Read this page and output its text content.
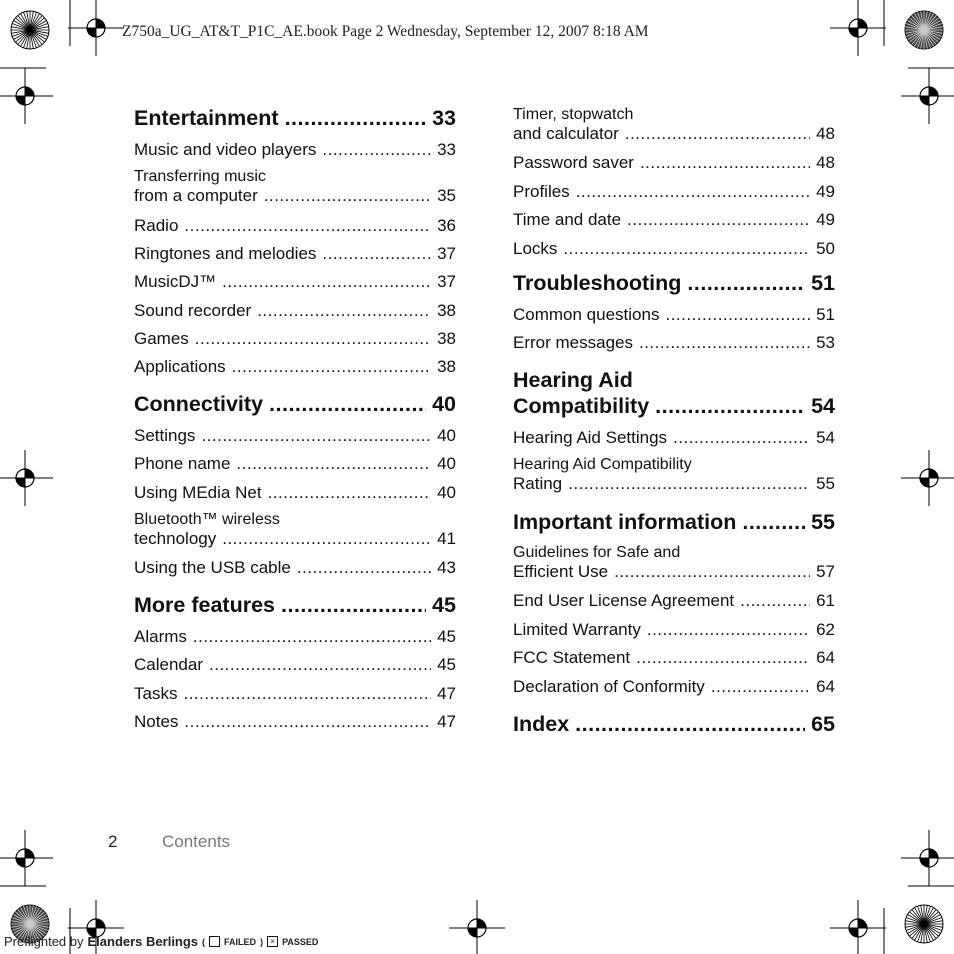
Z750a_UG_AT&T_P1C_AE.book Page 2 Wednesday, September 12, 2007 8:18 AM
Entertainment .....	33
Music and video players .....	33
Transferring music
from a computer .....	35
Radio .....	36
Ringtones and melodies .....	37
MusicDJ™ .....	37
Sound recorder .....	38
Games .....	38
Applications .....	38
Connectivity .....	40
Settings .....	40
Phone name .....	40
Using MEdia Net .....	40
Bluetooth™ wireless
technology .....	41
Using the USB cable .....	43
More features .....	45
Alarms .....	45
Calendar .....	45
Tasks .....	47
Notes .....	47
Timer, stopwatch
and calculator .....	48
Password saver .....	48
Profiles .....	49
Time and date .....	49
Locks .....	50
Troubleshooting .....	51
Common questions .....	51
Error messages .....	53
Hearing Aid
Compatibility .....	54
Hearing Aid Settings .....	54
Hearing Aid Compatibility
Rating .....	55
Important information .....	55
Guidelines for Safe and
Efficient Use .....	57
End User License Agreement .....	61
Limited Warranty .....	62
FCC Statement .....	64
Declaration of Conformity .....	64
Index .....	65
2	Contents
Preflighted by Elanders Berlings ( FAILED ) × PASSED
